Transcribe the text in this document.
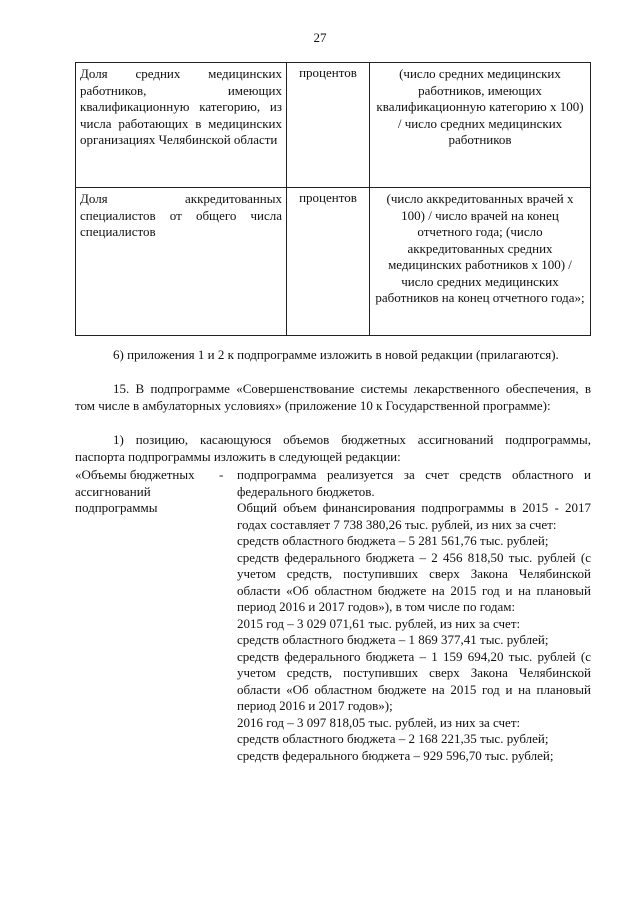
27
Доля средних медицинских работников, имеющих квалификационную категорию, из числа работающих в медицинских организациях Челябинской области	процентов	(число средних медицинских работников, имеющих квалификационную категорию х 100) / число средних медицинских работников
Доля аккредитованных специалистов от общего числа специалистов	процентов	(число аккредитованных врачей х 100) / число врачей на конец отчетного года; (число аккредитованных средних медицинских работников х 100) / число средних медицинских работников на конец отчетного года»;

6) приложения 1 и 2 к подпрограмме изложить в новой редакции (прилагаются).

15. В подпрограмме «Совершенствование системы лекарственного обеспечения, в том числе в амбулаторных условиях» (приложение 10 к Государственной программе):

1) позицию, касающуюся объемов бюджетных ассигнований подпрограммы, паспорта подпрограммы изложить в следующей редакции:

«Объемы бюджетных ассигнований подпрограммы
- подпрограмма реализуется за счет средств областного и федерального бюджетов.
Общий объем финансирования подпрограммы в 2015 - 2017 годах составляет 7 738 380,26 тыс. рублей, из них за счет:
средств областного бюджета – 5 281 561,76 тыс. рублей;
средств федерального бюджета – 2 456 818,50 тыс. рублей (с учетом средств, поступивших сверх Закона Челябинской области «Об областном бюджете на 2015 год и на плановый период 2016 и 2017 годов»), в том числе по годам:
2015 год – 3 029 071,61 тыс. рублей, из них за счет:
средств областного бюджета – 1 869 377,41 тыс. рублей;
средств федерального бюджета – 1 159 694,20 тыс. рублей (с учетом средств, поступивших сверх Закона Челябинской области «Об областном бюджете на 2015 год и на плановый период 2016 и 2017 годов»);
2016 год – 3 097 818,05 тыс. рублей, из них за счет:
средств областного бюджета – 2 168 221,35 тыс. рублей;
средств федерального бюджета – 929 596,70 тыс. рублей;
